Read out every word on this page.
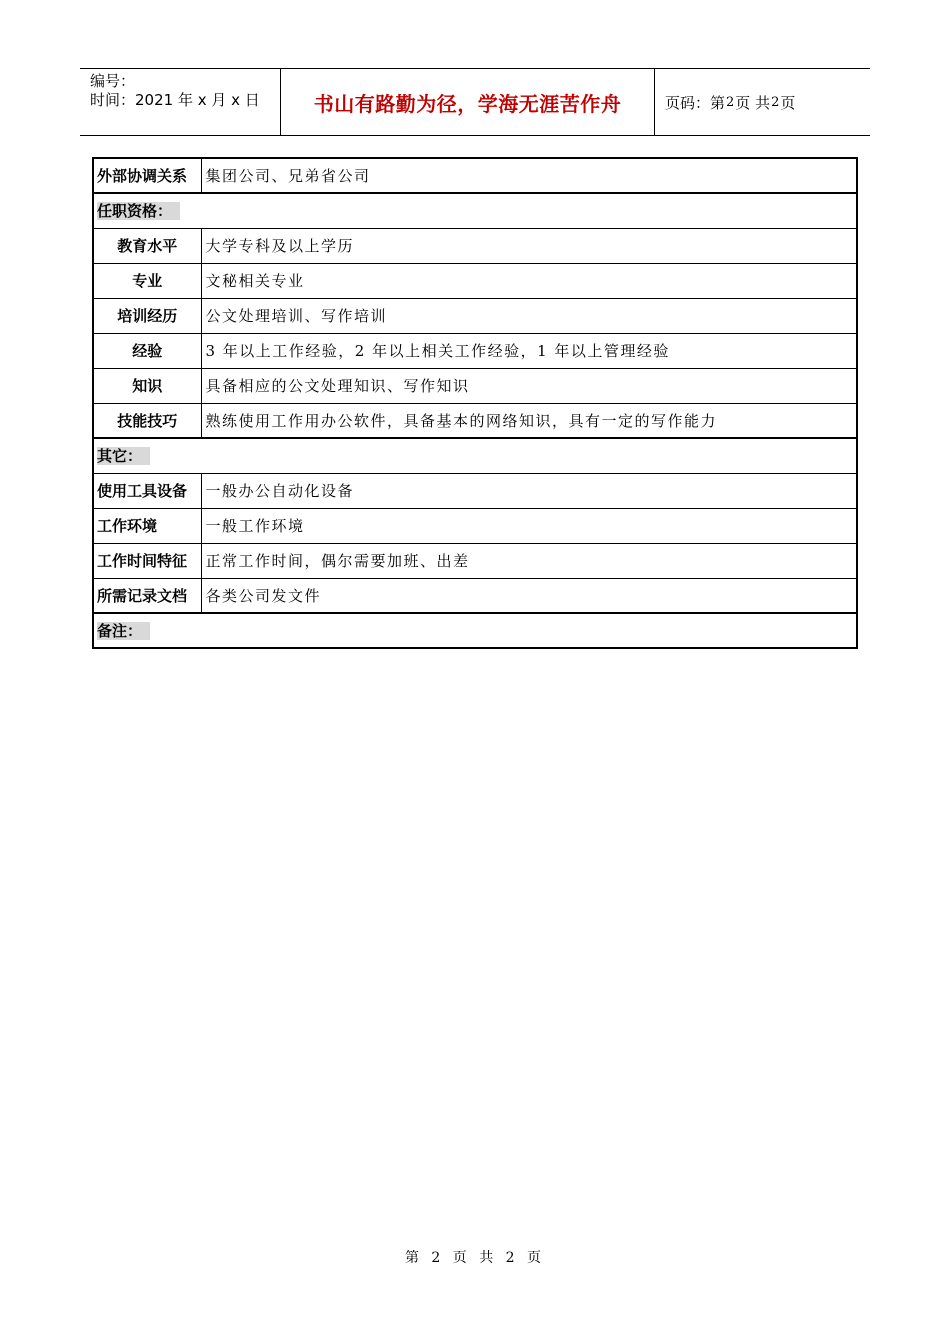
编号：
时间：2021 年 x 月 x 日	书山有路勤为径，学海无涯苦作舟	页码：第 2 页 共 2 页
外部协调关系	集团公司、兄弟省公司
任职资格：	
教育水平	大学专科及以上学历
专业	文秘相关专业
培训经历	公文处理培训、写作培训
经验	3 年以上工作经验，2 年以上相关工作经验，1 年以上管理经验
知识	具备相应的公文处理知识、写作知识
技能技巧	熟练使用工作用办公软件，具备基本的网络知识，具有一定的写作能力
其它：	
使用工具设备	一般办公自动化设备
工作环境	一般工作环境
工作时间特征	正常工作时间，偶尔需要加班、出差
所需记录文档	各类公司发文件
备注：	
第 2 页 共 2 页
